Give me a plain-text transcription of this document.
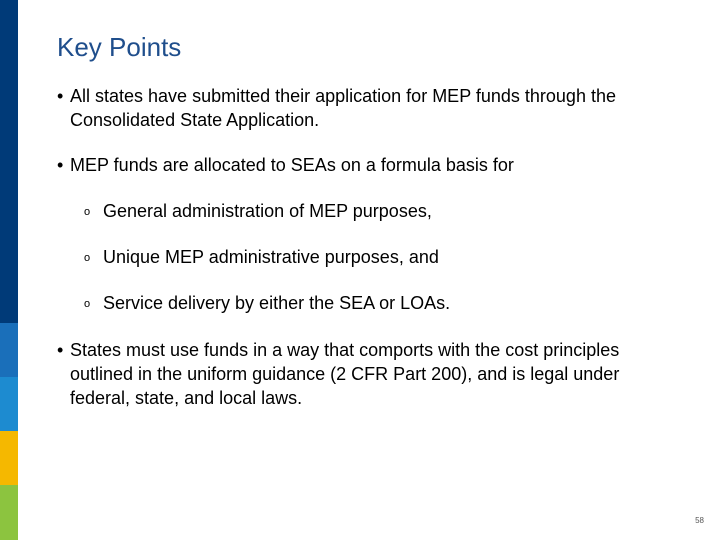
Key Points
• All states have submitted their application for MEP funds through the Consolidated State Application.
• MEP funds are allocated to SEAs on a formula basis for
o General administration of MEP purposes,
o Unique MEP administrative purposes, and
o Service delivery by either the SEA or LOAs.
• States must use funds in a way that comports with the cost principles outlined in the uniform guidance (2 CFR Part 200), and is legal under federal, state, and local laws.
58
